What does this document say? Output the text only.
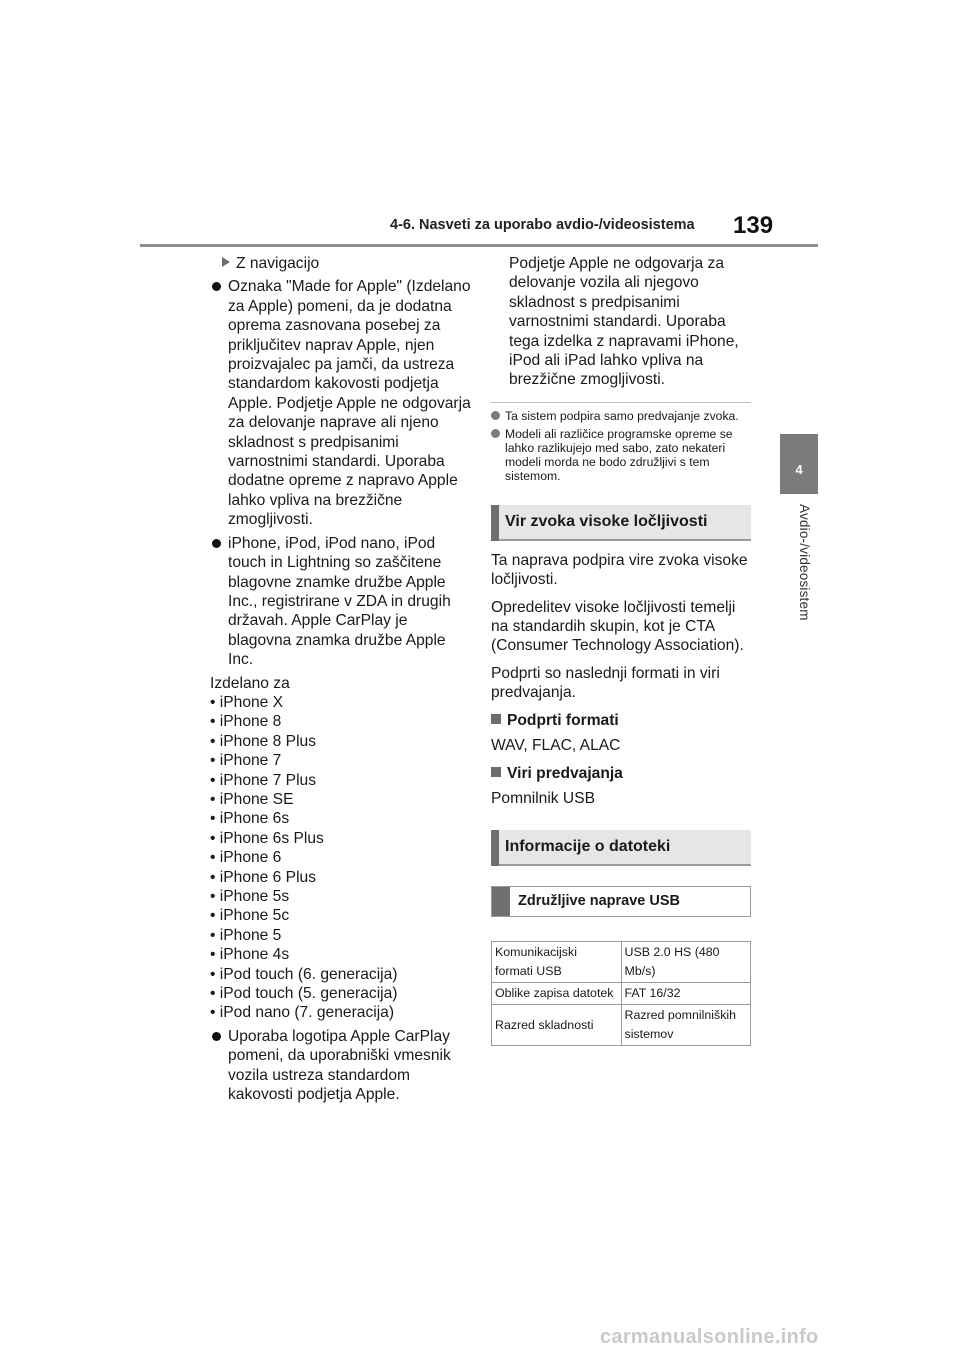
4-6. Nasveti za uporabo avdio-/videosistema 139
4
Avdio-/videosistem
Z navigacijo
Oznaka "Made for Apple" (Izdelano za Apple) pomeni, da je dodatna oprema zasnovana posebej za priključitev naprav Apple, njen proizvajalec pa jamči, da ustreza standardom kakovosti podjetja Apple. Podjetje Apple ne odgovarja za delovanje naprave ali njeno skladnost s predpisanimi varnostnimi standardi. Uporaba dodatne opreme z napravo Apple lahko vpliva na brezžične zmogljivosti.
iPhone, iPod, iPod nano, iPod touch in Lightning so zaščitene blagovne znamke družbe Apple Inc., registrirane v ZDA in drugih državah. Apple CarPlay je blagovna znamka družbe Apple Inc.
Izdelano za
• iPhone X
• iPhone 8
• iPhone 8 Plus
• iPhone 7
• iPhone 7 Plus
• iPhone SE
• iPhone 6s
• iPhone 6s Plus
• iPhone 6
• iPhone 6 Plus
• iPhone 5s
• iPhone 5c
• iPhone 5
• iPhone 4s
• iPod touch (6. generacija)
• iPod touch (5. generacija)
• iPod nano (7. generacija)
Uporaba logotipa Apple CarPlay pomeni, da uporabniški vmesnik vozila ustreza standardom kakovosti podjetja Apple.
Podjetje Apple ne odgovarja za delovanje vozila ali njegovo skladnost s predpisanimi varnostnimi standardi. Uporaba tega izdelka z napravami iPhone, iPod ali iPad lahko vpliva na brezžične zmogljivosti.
Ta sistem podpira samo predvajanje zvoka.
Modeli ali različice programske opreme se lahko razlikujejo med sabo, zato nekateri modeli morda ne bodo združljivi s tem sistemom.
Vir zvoka visoke ločljivosti
Ta naprava podpira vire zvoka visoke ločljivosti.
Opredelitev visoke ločljivosti temelji na standardih skupin, kot je CTA (Consumer Technology Association).
Podprti so naslednji formati in viri predvajanja.
Podprti formati
WAV, FLAC, ALAC
Viri predvajanja
Pomnilnik USB
Informacije o datoteki
Združljive naprave USB
Komunikacijski formati USB	USB 2.0 HS (480 Mb/s)
Oblike zapisa datotek	FAT 16/32
Razred skladnosti	Razred pomnilniških sistemov
carmanualsonline.info
